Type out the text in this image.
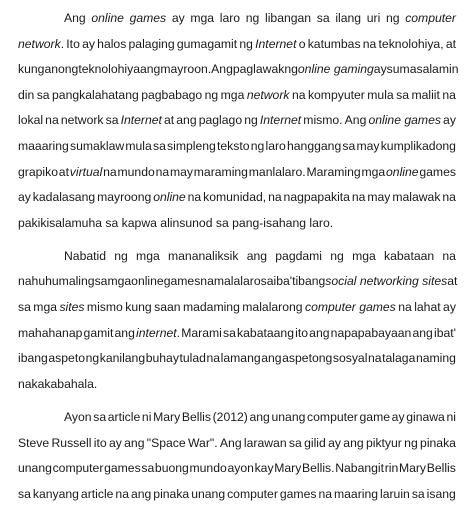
Ang online games ay mga laro ng libangan sa ilang uri ng computer
network. Ito ay halos palaging gumagamit ng Internet o katumbas na teknolohiya, at
kung anong teknolohiya ang mayroon. Ang paglawak ng online gaming ay sumasalamin
din sa pangkalahatang pagbabago ng mga network na kompyuter mula sa maliit na
lokal na network sa Internet at ang paglago ng Internet mismo. Ang online games ay
maaaring sumaklaw mula sa simpleng teksto ng laro hanggang sa may kumplikadong
grapiko at virtual na mundo na may maraming manlalaro. Maraming mga online games
ay kadalasang mayroong online na komunidad, na nagpapakita na may malawak na
pakikisalamuha sa kapwa alinsunod sa pang-isahang laro.
Nabatid ng mga mananaliksik ang pagdami ng mga kabataan na
nahuhumaling sa mga online games na malalaro sa iba't ibang social networking sites at
sa mga sites mismo kung saan madaming malalarong computer games na lahat ay
mahahanap gamit ang internet. Marami sa kabataang ito ang napapabayaan ang ibat'
ibang aspeto ng kanilang buhay tulad na lamang ang aspetong sosyal na talaga naming
nakakabahala.
Ayon sa article ni Mary Bellis (2012) ang unang computer game ay ginawa ni
Steve Russell ito ay ang "Space War". Ang larawan sa gilid ay ang piktyur ng pinaka
unang computer games sa buong mundo ayon kay Mary Bellis. Nabangit rin Mary Bellis
sa kanyang article na ang pinaka unang computer games na maaring laruin sa isang
